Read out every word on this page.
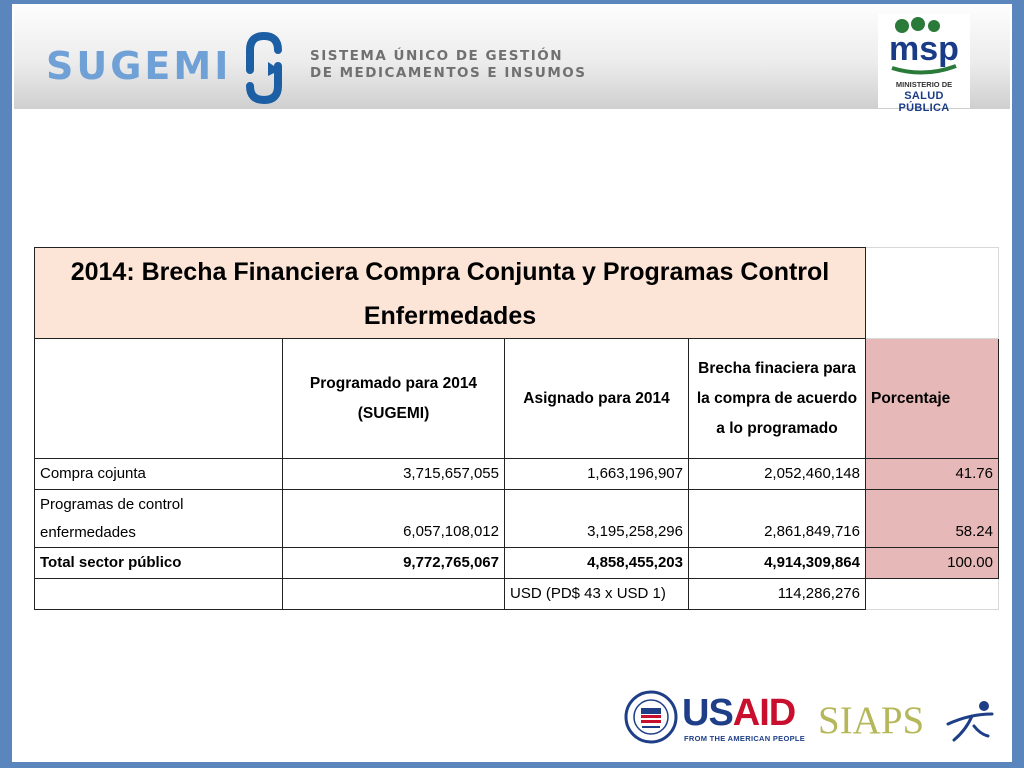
SUGEMI	SISTEMA ÚNICO DE GESTIÓN
DE MEDICAMENTOS E INSUMOS
msp
MINISTERIO DE
SALUD PÚBLICA
2014: Brecha Financiera Compra Conjunta y Programas Control Enfermedades				
	Programado para 2014 (SUGEMI)	Asignado para 2014	Brecha finaciera para la compra de acuerdo a lo programado	Porcentaje
Compra cojunta	3,715,657,055	1,663,196,907	2,052,460,148	41.76
Programas de control enfermedades	6,057,108,012	3,195,258,296	2,861,849,716	58.24
Total sector público	9,772,765,067	4,858,455,203	4,914,309,864	100.00
		USD (PD$ 43 x USD 1)	114,286,276	
USAID
FROM THE AMERICAN PEOPLE SIAPS
